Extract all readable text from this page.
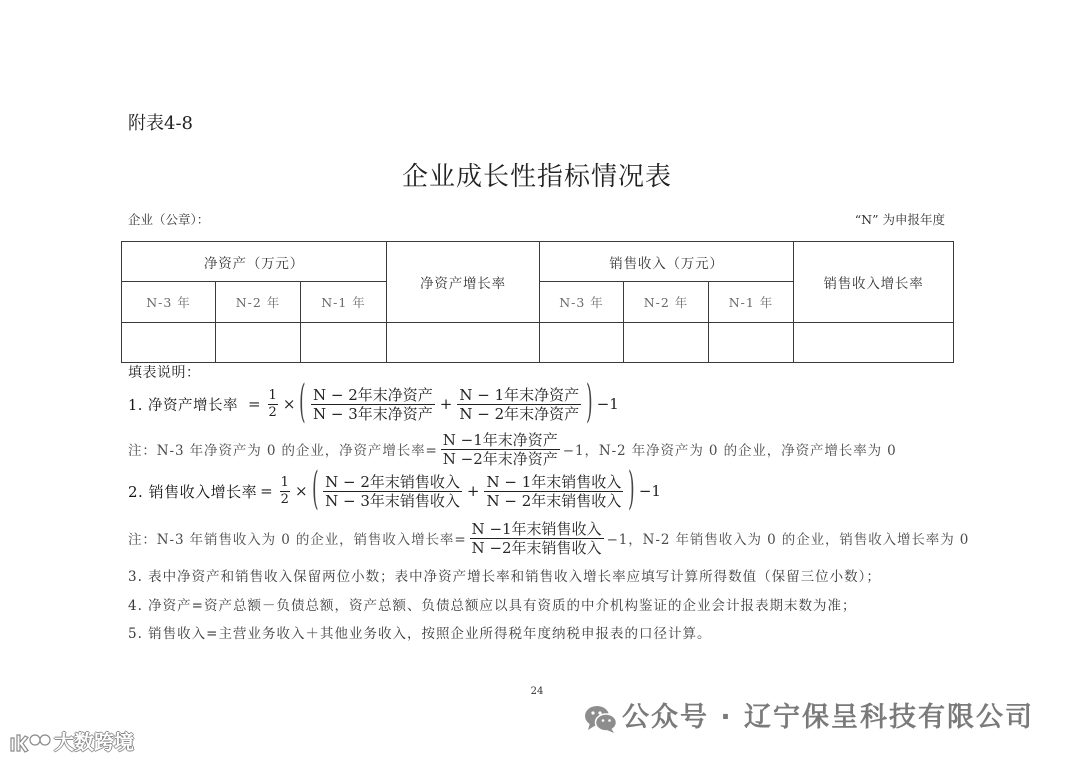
附表4-8
企业成长性指标情况表
企业（公章）：	“N” 为申报年度
净资产（万元）			净资产增长率	销售收入（万元）			销售收入增长率
N-3 年	N-2 年	N-1 年		N-3 年	N-2 年	N-1 年	

填表说明：
1. 净资产增长率 = $\frac{1}{2}$ × ( $\frac{\text{N − 2年末净资产}}{\text{N − 3年末净资产}} + \frac{\text{N − 1年末净资产}}{\text{N − 2年末净资产}}$ ) −1
注：N-3 年净资产为 0 的企业，净资产增长率= $\frac{\text{N −1年末净资产}}{\text{N −2年末净资产}} -1$，N-2 年净资产为 0 的企业，净资产增长率为 0
2. 销售收入增长率 = $\frac{1}{2}$ × ( $\frac{\text{N − 2年末销售收入}}{\text{N − 3年末销售收入}} + \frac{\text{N − 1年末销售收入}}{\text{N − 2年末销售收入}}$ ) −1
注：N-3 年销售收入为 0 的企业，销售收入增长率= $\frac{\text{N −1年末销售收入}}{\text{N −2年末销售收入}} -1$，N-2 年销售收入为 0 的企业，销售收入增长率为 0
3. 表中净资产和销售收入保留两位小数；表中净资产增长率和销售收入增长率应填写计算所得数值（保留三位小数）；
4. 净资产=资产总额－负债总额，资产总额、负债总额应以具有资质的中介机构鉴证的企业会计报表期末数为准；
5. 销售收入=主营业务收入＋其他业务收入，按照企业所得税年度纳税申报表的口径计算。
24
公众号 · 辽宁保呈科技有限公司
大数跨境
